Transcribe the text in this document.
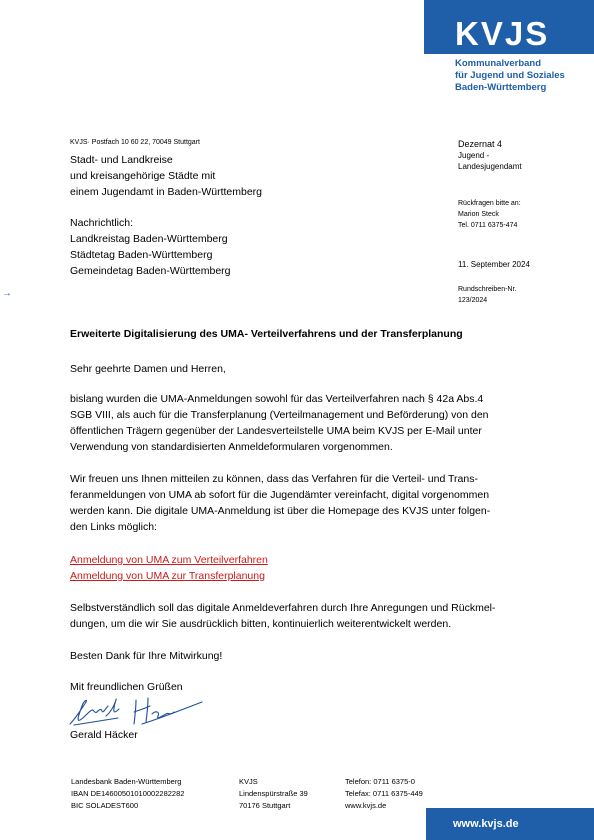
KVJS
Kommunalverband
für Jugend und Soziales
Baden-Württemberg
KVJS· Postfach 10 60 22, 70049 Stuttgart
Stadt- und Landkreise
und kreisangehörige Städte mit
einem Jugendamt in Baden-Württemberg
Nachrichtlich:
Landkreistag Baden-Württemberg
Städtetag Baden-Württemberg
Gemeindetag Baden-Württemberg
Dezernat 4
Jugend -
Landesjugendamt
Rückfragen bitte an:
Marion Steck
Tel. 0711 6375-474
11. September 2024
Rundschreiben-Nr.
123/2024
→
Erweiterte Digitalisierung des UMA- Verteilverfahrens und der Transferplanung
Sehr geehrte Damen und Herren,
bislang wurden die UMA-Anmeldungen sowohl für das Verteilverfahren nach § 42a Abs.4
SGB VIII, als auch für die Transferplanung (Verteilmanagement und Beförderung) von den
öffentlichen Trägern gegenüber der Landesverteilstelle UMA beim KVJS per E-Mail unter
Verwendung von standardisierten Anmeldeformularen vorgenommen.
Wir freuen uns Ihnen mitteilen zu können, dass das Verfahren für die Verteil- und Trans-
feranmeldungen von UMA ab sofort für die Jugendämter vereinfacht, digital vorgenommen
werden kann. Die digitale UMA-Anmeldung ist über die Homepage des KVJS unter folgen-
den Links möglich:
Anmeldung von UMA zum Verteilverfahren
Anmeldung von UMA zur Transferplanung
Selbstverständlich soll das digitale Anmeldeverfahren durch Ihre Anregungen und Rückmel-
dungen, um die wir Sie ausdrücklich bitten, kontinuierlich weiterentwickelt werden.
Besten Dank für Ihre Mitwirkung!
Mit freundlichen Grüßen
Gerald Häcker
Landesbank Baden-Württemberg
IBAN DE14600501010002282282
BIC SOLADEST600
KVJS
Lindenspürstraße 39
70176 Stuttgart
Telefon: 0711 6375-0
Telefax: 0711 6375-449
www.kvjs.de
www.kvjs.de
